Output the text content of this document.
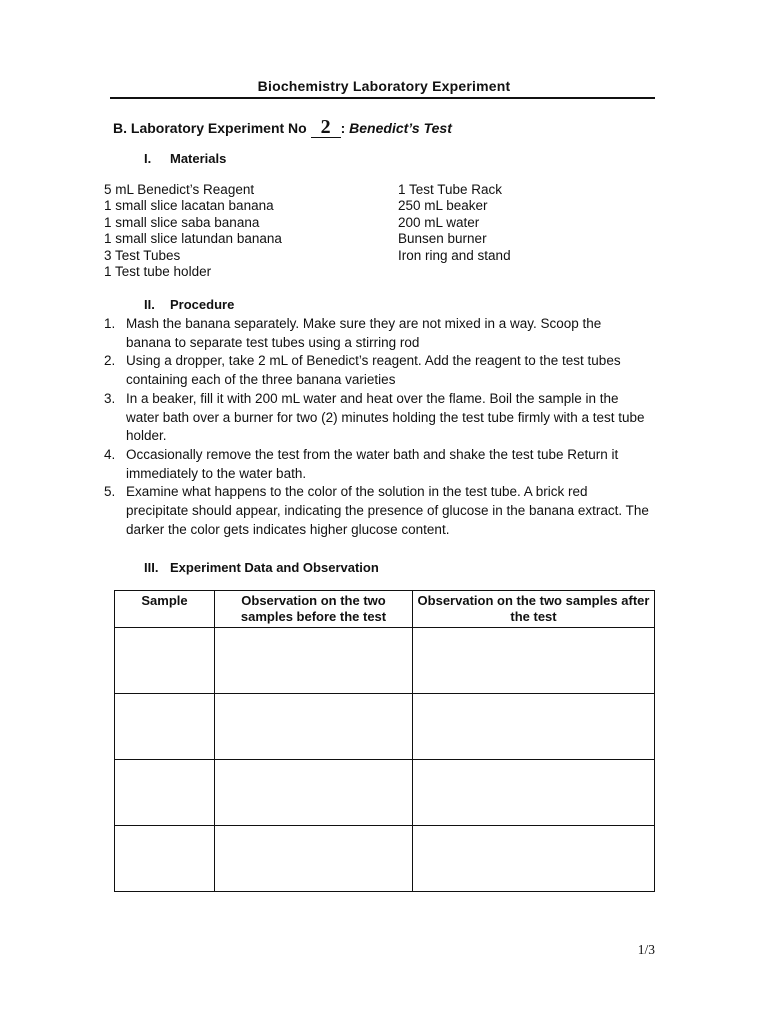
Biochemistry Laboratory Experiment
B. Laboratory Experiment No 2 : Benedict’s Test
I. Materials
5 mL Benedict’s Reagent
1 small slice lacatan banana
1 small slice saba banana
1 small slice latundan banana
3 Test Tubes
1 Test tube holder
1 Test Tube Rack
250 mL beaker
200 mL water
Bunsen burner
Iron ring and stand
II. Procedure
1. Mash the banana separately. Make sure they are not mixed in a way. Scoop the banana to separate test tubes using a stirring rod
2. Using a dropper, take 2 mL of Benedict’s reagent. Add the reagent to the test tubes containing each of the three banana varieties
3. In a beaker, fill it with 200 mL water and heat over the flame. Boil the sample in the water bath over a burner for two (2) minutes holding the test tube firmly with a test tube holder.
4. Occasionally remove the test from the water bath and shake the test tube Return it immediately to the water bath.
5. Examine what happens to the color of the solution in the test tube. A brick red precipitate should appear, indicating the presence of glucose in the banana extract. The darker the color gets indicates higher glucose content.
III. Experiment Data and Observation
Sample	Observation on the two samples before the test	Observation on the two samples after the test

1/3
